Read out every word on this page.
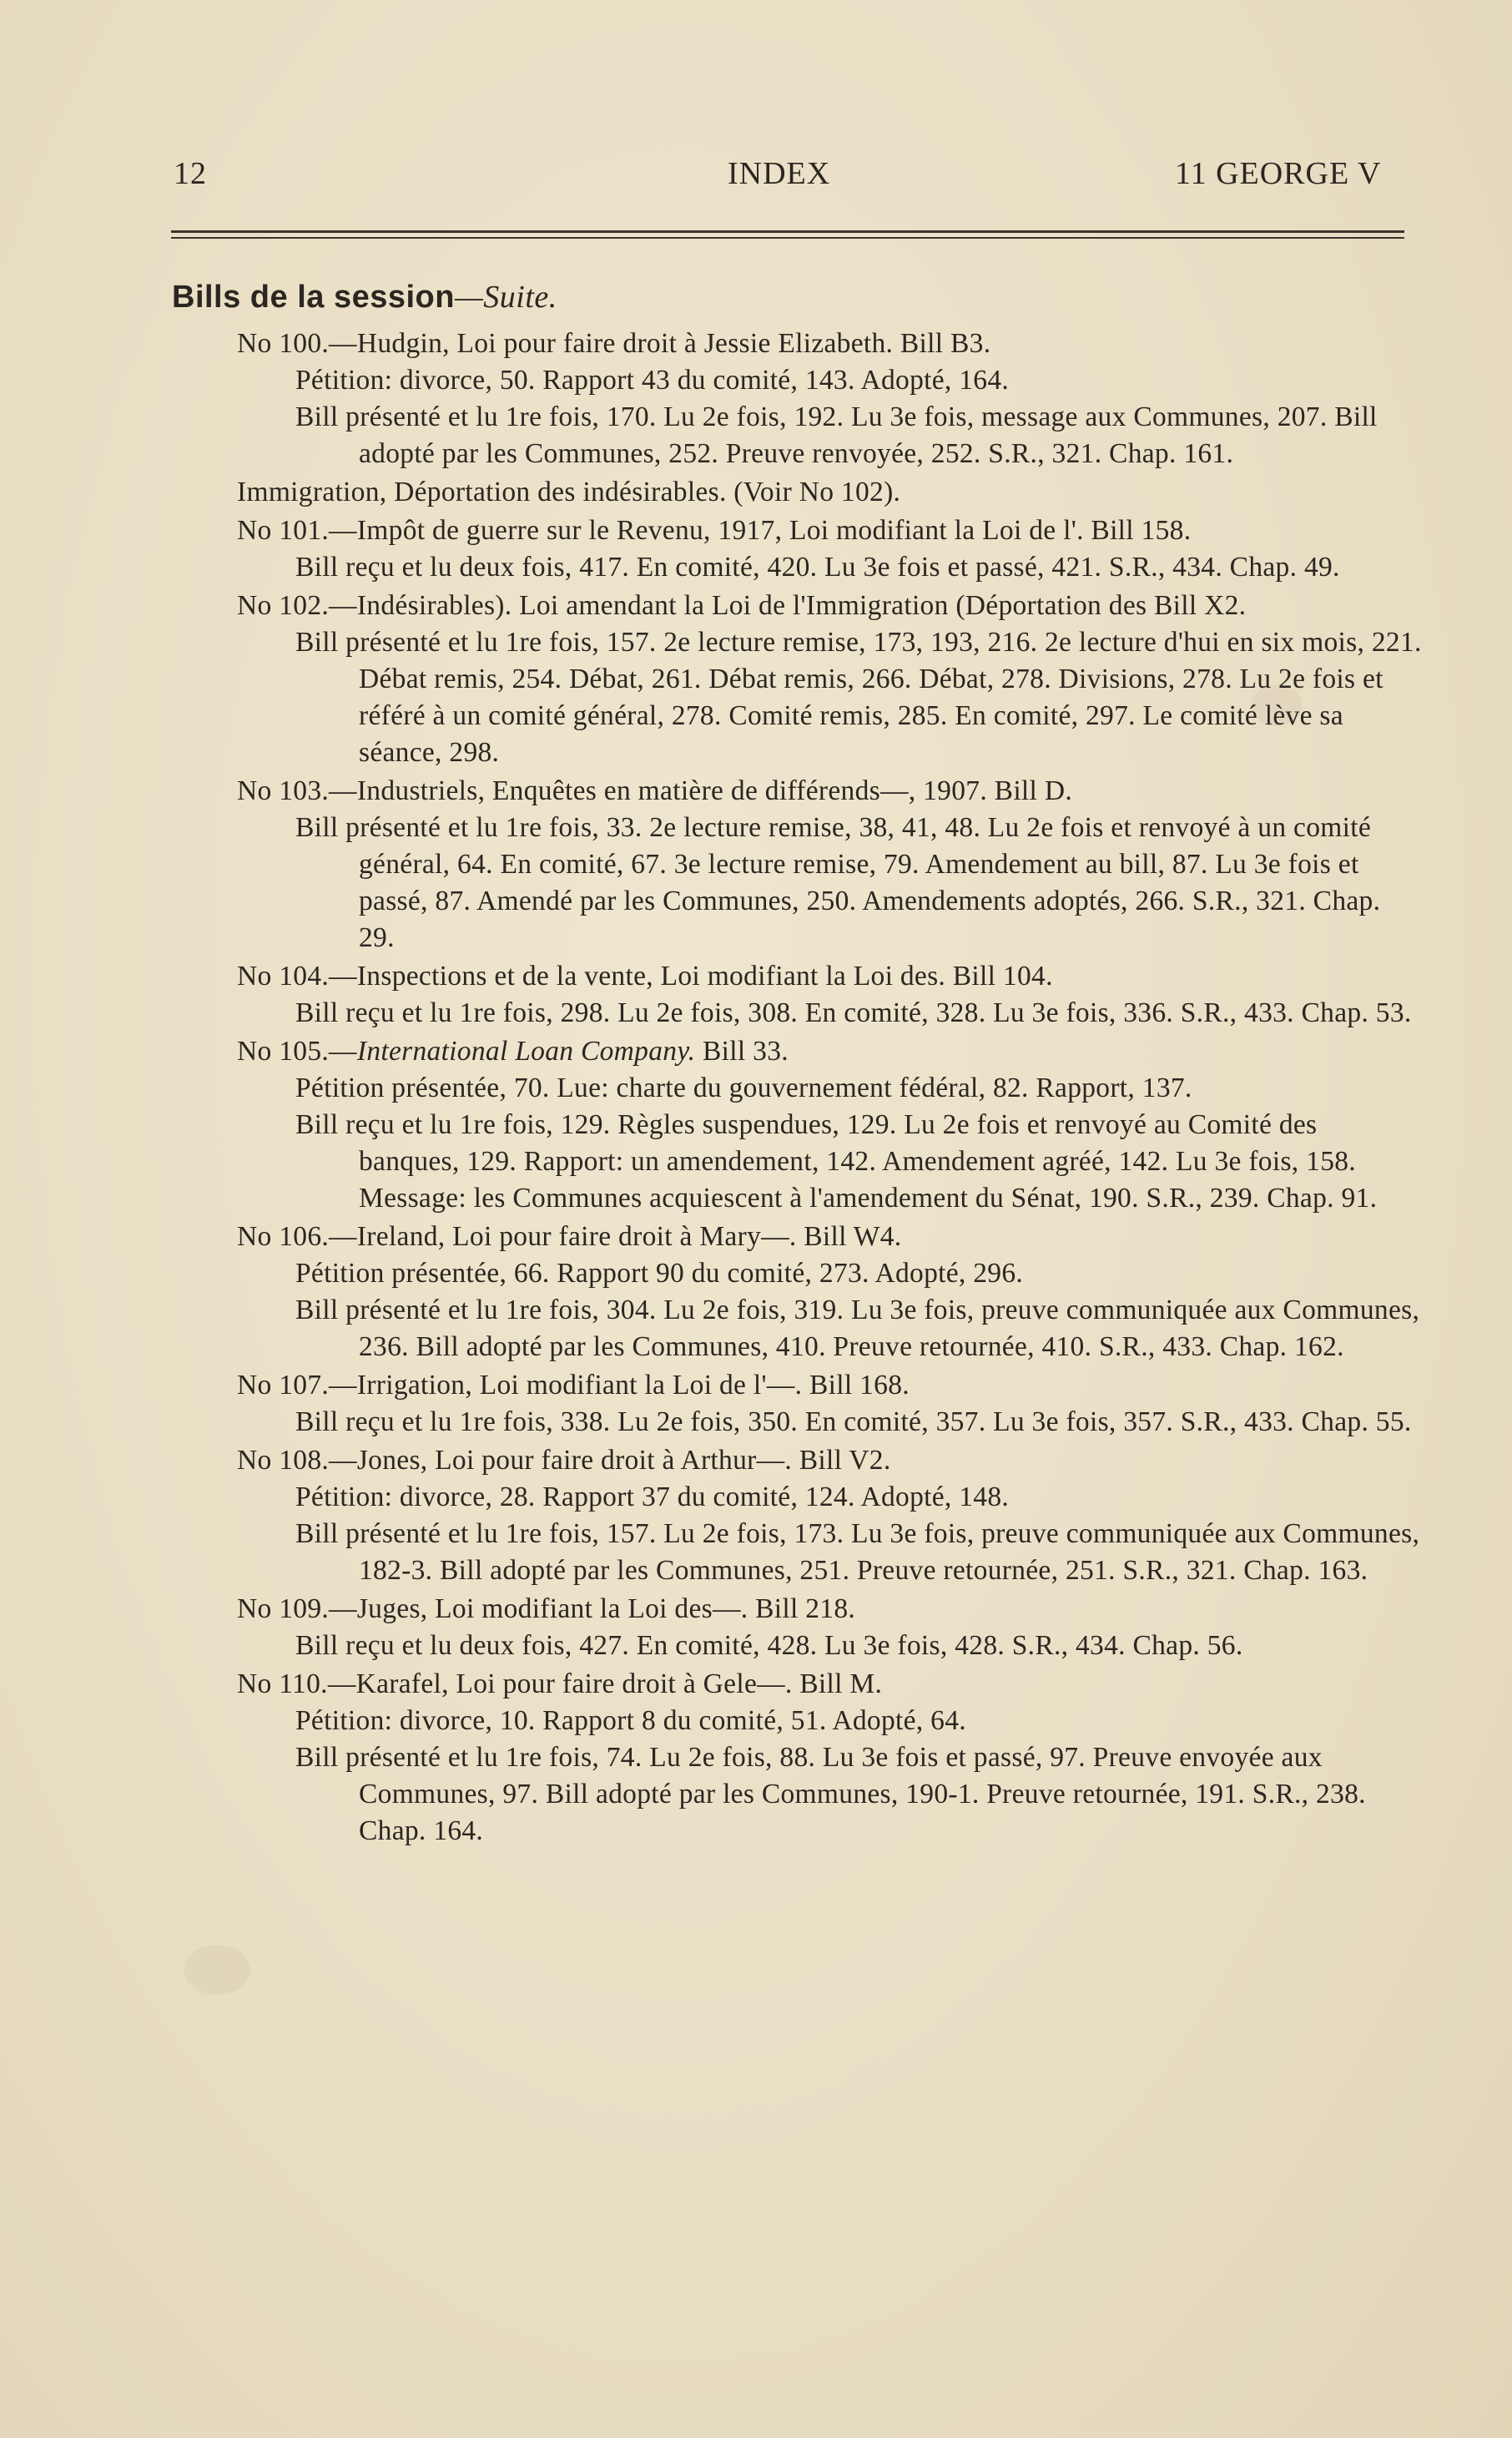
12	INDEX	11 GEORGE V
Bills de la session—Suite.
No 100.—Hudgin, Loi pour faire droit à Jessie Elizabeth. Bill B3.
Pétition: divorce, 50. Rapport 43 du comité, 143. Adopté, 164.
Bill présenté et lu 1re fois, 170. Lu 2e fois, 192. Lu 3e fois, message aux Communes, 207. Bill adopté par les Communes, 252. Preuve renvoyée, 252. S.R., 321. Chap. 161.
Immigration, Déportation des indésirables. (Voir No 102).
No 101.—Impôt de guerre sur le Revenu, 1917, Loi modifiant la Loi de l'. Bill 158.
Bill reçu et lu deux fois, 417. En comité, 420. Lu 3e fois et passé, 421. S.R., 434. Chap. 49.
No 102.—Indésirables). Loi amendant la Loi de l'Immigration (Déportation des Bill X2.
Bill présenté et lu 1re fois, 157. 2e lecture remise, 173, 193, 216. 2e lecture d'hui en six mois, 221. Débat remis, 254. Débat, 261. Débat remis, 266. Débat, 278. Divisions, 278. Lu 2e fois et référé à un comité général, 278. Comité remis, 285. En comité, 297. Le comité lève sa séance, 298.
No 103.—Industriels, Enquêtes en matière de différends—, 1907. Bill D.
Bill présenté et lu 1re fois, 33. 2e lecture remise, 38, 41, 48. Lu 2e fois et renvoyé à un comité général, 64. En comité, 67. 3e lecture remise, 79. Amendement au bill, 87. Lu 3e fois et passé, 87. Amendé par les Communes, 250. Amendements adoptés, 266. S.R., 321. Chap. 29.
No 104.—Inspections et de la vente, Loi modifiant la Loi des. Bill 104.
Bill reçu et lu 1re fois, 298. Lu 2e fois, 308. En comité, 328. Lu 3e fois, 336. S.R., 433. Chap. 53.
No 105.—International Loan Company. Bill 33.
Pétition présentée, 70. Lue: charte du gouvernement fédéral, 82. Rapport, 137.
Bill reçu et lu 1re fois, 129. Règles suspendues, 129. Lu 2e fois et renvoyé au Comité des banques, 129. Rapport: un amendement, 142. Amendement agréé, 142. Lu 3e fois, 158. Message: les Communes acquiescent à l'amendement du Sénat, 190. S.R., 239. Chap. 91.
No 106.—Ireland, Loi pour faire droit à Mary—. Bill W4.
Pétition présentée, 66. Rapport 90 du comité, 273. Adopté, 296.
Bill présenté et lu 1re fois, 304. Lu 2e fois, 319. Lu 3e fois, preuve communiquée aux Communes, 236. Bill adopté par les Communes, 410. Preuve retournée, 410. S.R., 433. Chap. 162.
No 107.—Irrigation, Loi modifiant la Loi de l'—. Bill 168.
Bill reçu et lu 1re fois, 338. Lu 2e fois, 350. En comité, 357. Lu 3e fois, 357. S.R., 433. Chap. 55.
No 108.—Jones, Loi pour faire droit à Arthur—. Bill V2.
Pétition: divorce, 28. Rapport 37 du comité, 124. Adopté, 148.
Bill présenté et lu 1re fois, 157. Lu 2e fois, 173. Lu 3e fois, preuve communiquée aux Communes, 182-3. Bill adopté par les Communes, 251. Preuve retournée, 251. S.R., 321. Chap. 163.
No 109.—Juges, Loi modifiant la Loi des—. Bill 218.
Bill reçu et lu deux fois, 427. En comité, 428. Lu 3e fois, 428. S.R., 434. Chap. 56.
No 110.—Karafel, Loi pour faire droit à Gele—. Bill M.
Pétition: divorce, 10. Rapport 8 du comité, 51. Adopté, 64.
Bill présenté et lu 1re fois, 74. Lu 2e fois, 88. Lu 3e fois et passé, 97. Preuve envoyée aux Communes, 97. Bill adopté par les Communes, 190-1. Preuve retournée, 191. S.R., 238. Chap. 164.
